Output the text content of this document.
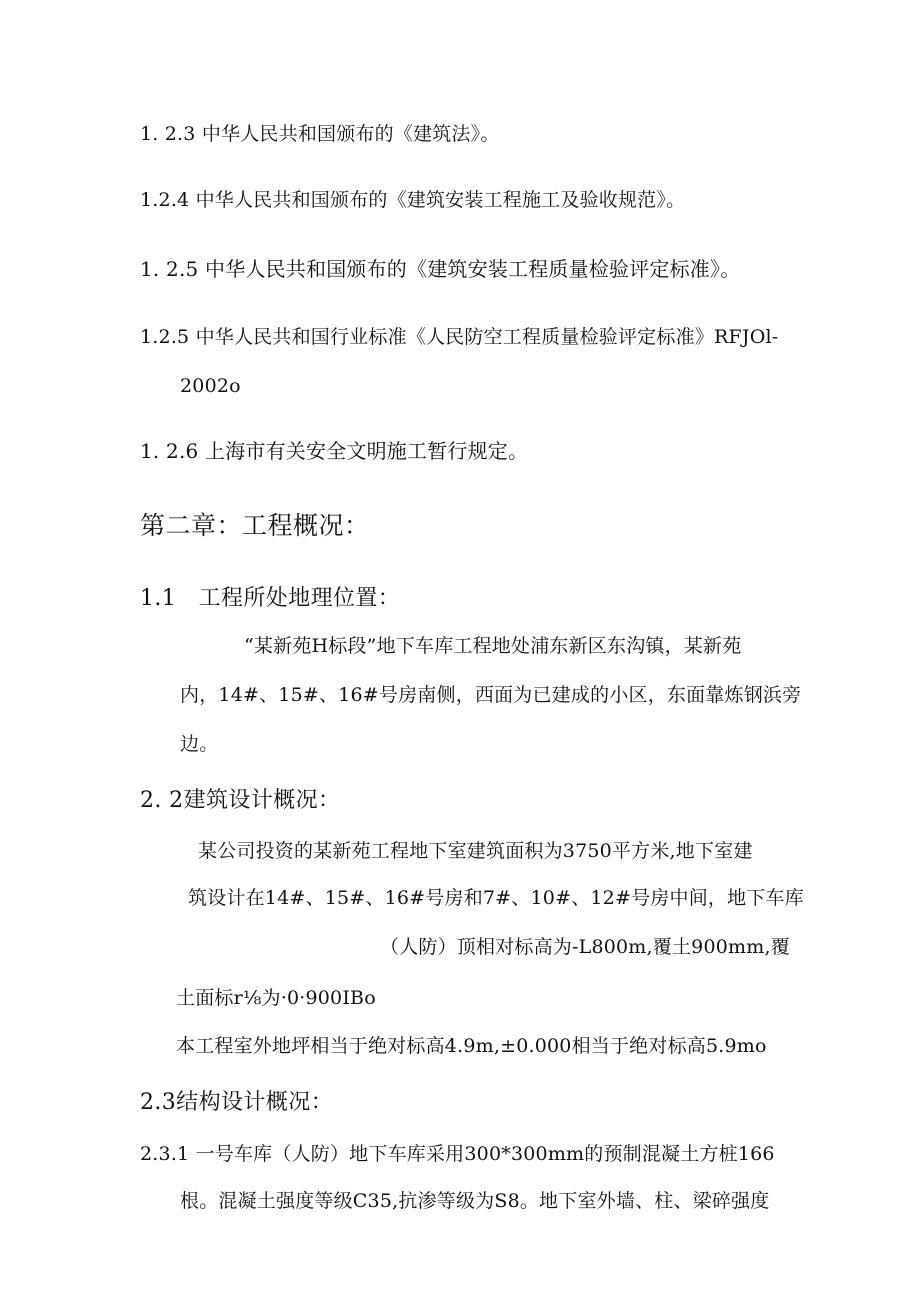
1. 2.3 中华人民共和国颁布的《建筑法》。
1.2.4 中华人民共和国颁布的《建筑安装工程施工及验收规范》。
1. 2.5 中华人民共和国颁布的《建筑安装工程质量检验评定标准》。
1.2.5 中华人民共和国行业标准《人民防空工程质量检验评定标准》RFJOl-
2002o
1. 2.6 上海市有关安全文明施工暂行规定。
第二章：工程概况：
1.1　工程所处地理位置：
“某新苑H标段”地下车库工程地处浦东新区东沟镇，某新苑
内，14#、15#、16#号房南侧，西面为已建成的小区，东面靠炼钢浜旁
边。
2. 2建筑设计概况：
某公司投资的某新苑工程地下室建筑面积为3750平方米,地下室建
筑设计在14#、15#、16#号房和7#、10#、12#号房中间，地下车库
（人防）顶相对标高为-L800m,覆土900mm,覆
土面标r⅛为·0·900IBo
本工程室外地坪相当于绝对标高4.9m,±0.000相当于绝对标高5.9mo
2.3结构设计概况：
2.3.1 一号车库（人防）地下车库采用300*300mm的预制混凝土方桩166
根。混凝土强度等级C35,抗渗等级为S8。地下室外墙、柱、梁碎强度
